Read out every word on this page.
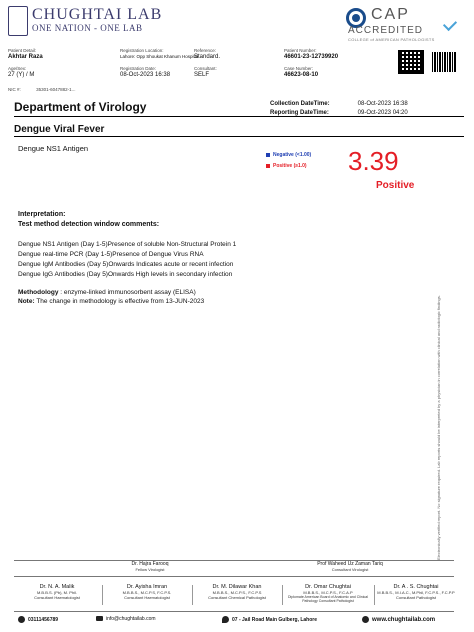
CHUGHTAI LAB
ONE NATION - ONE LAB
CAP
ACCREDITED
COLLEGE of AMERICAN PATHOLOGISTS
Patient Detail:
Akhtar Raza
Age/Sex:
27 (Y) / M
NIC #:	35301-6047882-1...
Registration Location:
Lahore: Opp Shoukat Khanum Hospital
Registration Date:
08-Oct-2023 16:38
Reference:
Standard.
Consultant:
SELF
Patient Number:
46601-23-12739920
Case Number:
46623-08-10
Department of Virology	Collection DateTime:	08-Oct-2023 16:38
Reporting DateTime:	09-Oct-2023 04:20
Dengue Viral Fever
Dengue NS1 Antigen
Negative (<1.00)
Positive (≥1.0) 3.39
Positive
Interpretation:
Test method detection window comments:
Dengue NS1 Antigen (Day 1-5)Presence of soluble Non-Structural Protein 1
Dengue real-time PCR (Day 1-5)Presence of Dengue Virus RNA
Dengue IgM Antibodies (Day 5)Onwards Indicates acute or recent infection
Dengue IgG Antibodies (Day 5)Onwards High levels in secondary infection
Methodology : enzyme-linked immunosorbent assay (ELISA)
Note: The change in methodology is effective from 13-JUN-2023	Electronically verified report. No signature required. Lab reports should be interpreted by a physician in correlation with clinical and radiologic findings.
Dr. Hajra Farooq
Fellow Virologist
Prof Waheed Uz Zaman Tariq
Consultant Virologist
Dr. N. A. Malik
M.B.B.S. (Pb), M. Phil.
Consultant Haematologist
Dr. Ayisha Imran
M.B.B.S., M.C.P.S, F.C.P.S.
Consultant Haematologist
Dr. M. Dilawar Khan
M.B.B.S., M.C.P.S., F.C.P.S
Consultant Chemical Pathologist
Dr. Omar Chughtai
M.B.B.S., M.C.P.S., F.C.A.P
Diplomate American Board of Anatomic and Clinical Pathology Consultant Pathologist
Dr. A . S. Chughtai
M.B.B.S., M.I.A.C., M.Phil, F.C.P.S., F.C.P.P Consultant Pathologist
03111456789	info@chughtailab.com	07 - Jail Road Main Gulberg, Lahore	www.chughtailab.com
